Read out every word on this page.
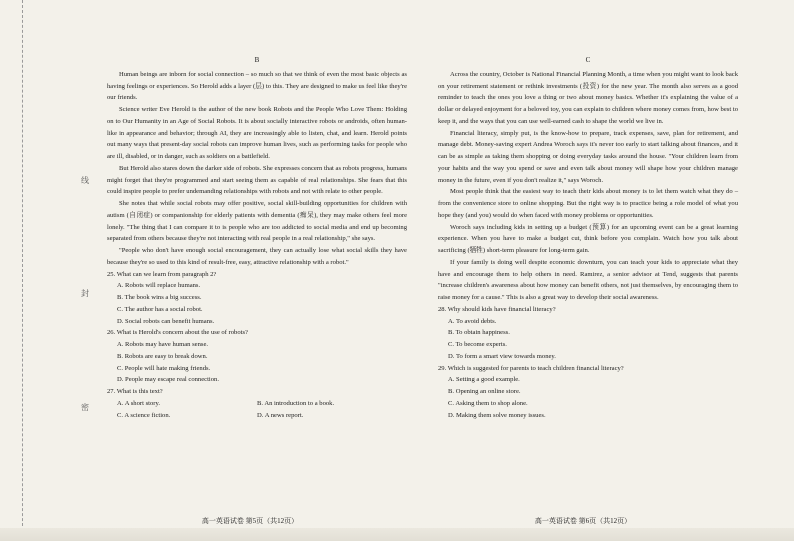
线
封
密
B

Human beings are inborn for social connection – so much so that we think of even the most basic objects as having feelings or experiences. So Herold adds a layer (层) to this. They are designed to make us feel like they're our friends.

Science writer Eve Herold is the author of the new book Robots and the People Who Love Them: Holding on to Our Humanity in an Age of Social Robots. It is about socially interactive robots or androids, often human-like in appearance and behavior; through AI, they are increasingly able to listen, chat, and learn. Herold points out many ways that present-day social robots can improve human lives, such as performing tasks for people who are ill, disabled, or in danger, such as soldiers on a battlefield.

But Herold also stares down the darker side of robots. She expresses concern that as robots progress, humans might forget that they're programmed and start seeing them as capable of real relationships. She fears that this could inspire people to prefer undemanding relationships with robots and not with relate to other people.

She notes that while social robots may offer positive, social skill-building opportunities for children with autism (自闭症) or companionship for elderly patients with dementia (痴呆), they may make others feel more lonely. "The thing that I can compare it to is people who are too addicted to social media and end up becoming separated from others because they're not interacting with real people in a real relationship," she says.

"People who don't have enough social encouragement, they can actually lose what social skills they have because they're so used to this kind of result-free, easy, attractive relationship with a robot."

25. What can we learn from paragraph 2?

A. Robots will replace humans.

B. The book wins a big success.

C. The author has a social robot.

D. Social robots can benefit humans.

26. What is Herold's concern about the use of robots?

A. Robots may have human sense.

B. Robots are easy to break down.

C. People will hate making friends.

D. People may escape real connection.

27. What is this text?

A. A short story.	B. An introduction to a book.
C. A science fiction.	D. A news report.
C

Across the country, October is National Financial Planning Month, a time when you might want to look back on your retirement statement or rethink investments (投资) for the new year. The month also serves as a good reminder to teach the ones you love a thing or two about money basics. Whether it's explaining the value of a dollar or delayed enjoyment for a beloved toy, you can explain to children where money comes from, how best to keep it, and the ways that you can use well-earned cash to shape the world we live in.

Financial literacy, simply put, is the know-how to prepare, track expenses, save, plan for retirement, and manage debt. Money-saving expert Andrea Woroch says it's never too early to start talking about finances, and it can be as simple as taking them shopping or doing everyday tasks around the house. "Your children learn from your habits and the way you spend or save and even talk about money will shape how your children manage money in the future, even if you don't realize it," says Woroch.

Most people think that the easiest way to teach their kids about money is to let them watch what they do – from the convenience store to online shopping. But the right way is to practice being a role model of what you hope they (and you) would do when faced with money problems or opportunities.

Woroch says including kids in setting up a budget (预算) for an upcoming event can be a great learning experience. When you have to make a budget cut, think before you complain. Watch how you talk about sacrificing (牺牲) short-term pleasure for long-term gain.

If your family is doing well despite economic downturn, you can teach your kids to appreciate what they have and encourage them to help others in need. Ramirez, a senior advisor at Tend, suggests that parents "increase children's awareness about how money can benefit others, not just themselves, by encouraging them to raise money for a cause." This is also a great way to develop their social awareness.

28. Why should kids have financial literacy?

A. To avoid debts.

B. To obtain happiness.

C. To become experts.

D. To form a smart view towards money.

29. Which is suggested for parents to teach children financial literacy?

A. Setting a good example.

B. Opening an online store.

C. Asking them to shop alone.

D. Making them solve money issues.

高一英语试卷 第5页（共12页）	高一英语试卷 第6页（共12页）
